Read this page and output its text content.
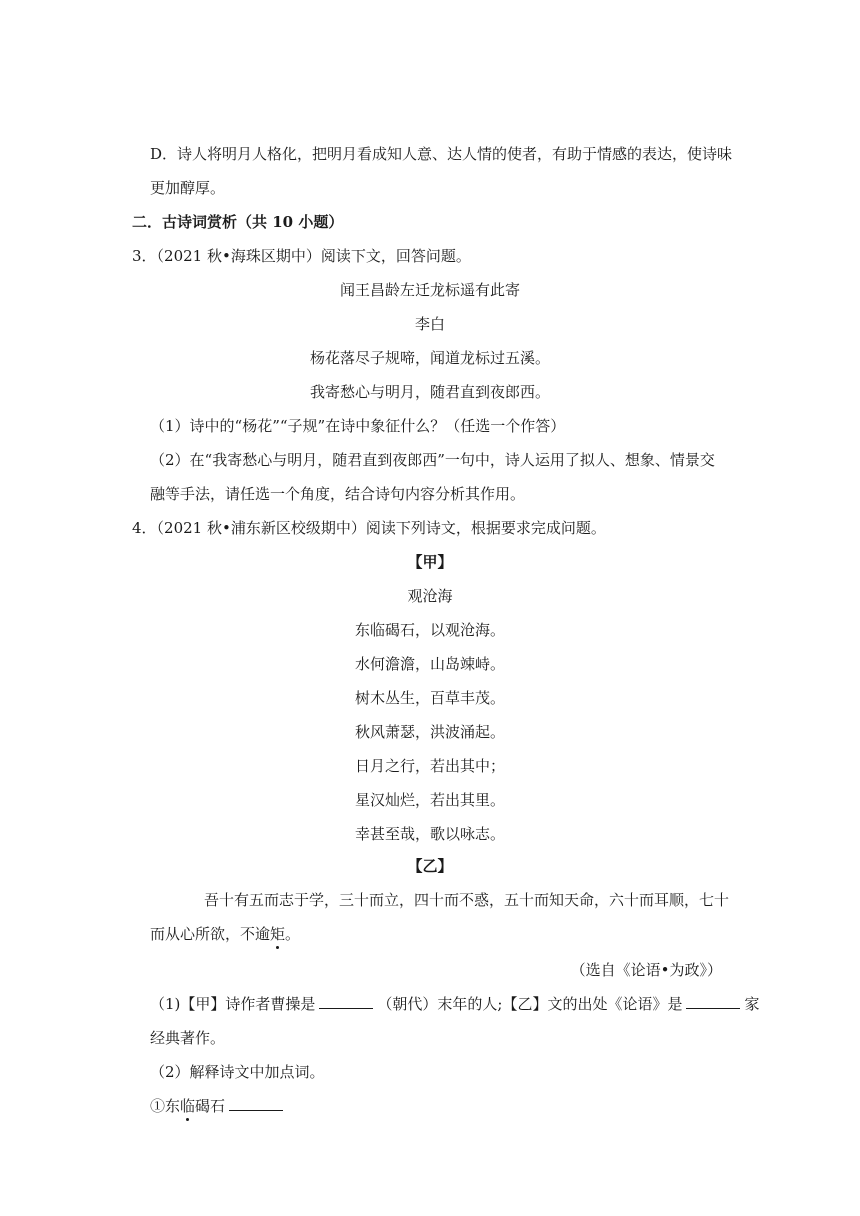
D．诗人将明月人格化，把明月看成知人意、达人情的使者，有助于情感的表达，使诗味
更加醇厚。
二．古诗词赏析（共 10 小题）
3．（2021 秋•海珠区期中）阅读下文，回答问题。
闻王昌龄左迁龙标遥有此寄
李白
杨花落尽子规啼，闻道龙标过五溪。
我寄愁心与明月，随君直到夜郎西。
（1）诗中的“杨花”“子规”在诗中象征什么？（任选一个作答）
（2）在“我寄愁心与明月，随君直到夜郎西”一句中，诗人运用了拟人、想象、情景交
融等手法，请任选一个角度，结合诗句内容分析其作用。
4．（2021 秋•浦东新区校级期中）阅读下列诗文，根据要求完成问题。
【甲】
观沧海
东临碣石，以观沧海。
水何澹澹，山岛竦峙。
树木丛生，百草丰茂。
秋风萧瑟，洪波涌起。
日月之行，若出其中；
星汉灿烂，若出其里。
幸甚至哉，歌以咏志。
【乙】
吾十有五而志于学，三十而立，四十而不惑，五十而知天命，六十而耳顺，七十
而从心所欲，不逾矩。
（选自《论语•为政》）
（1)【甲】诗作者曹操是	（朝代）末年的人;【乙】文的出处《论语》是	家
经典著作。
（2）解释诗文中加点词。
①东临碣石
